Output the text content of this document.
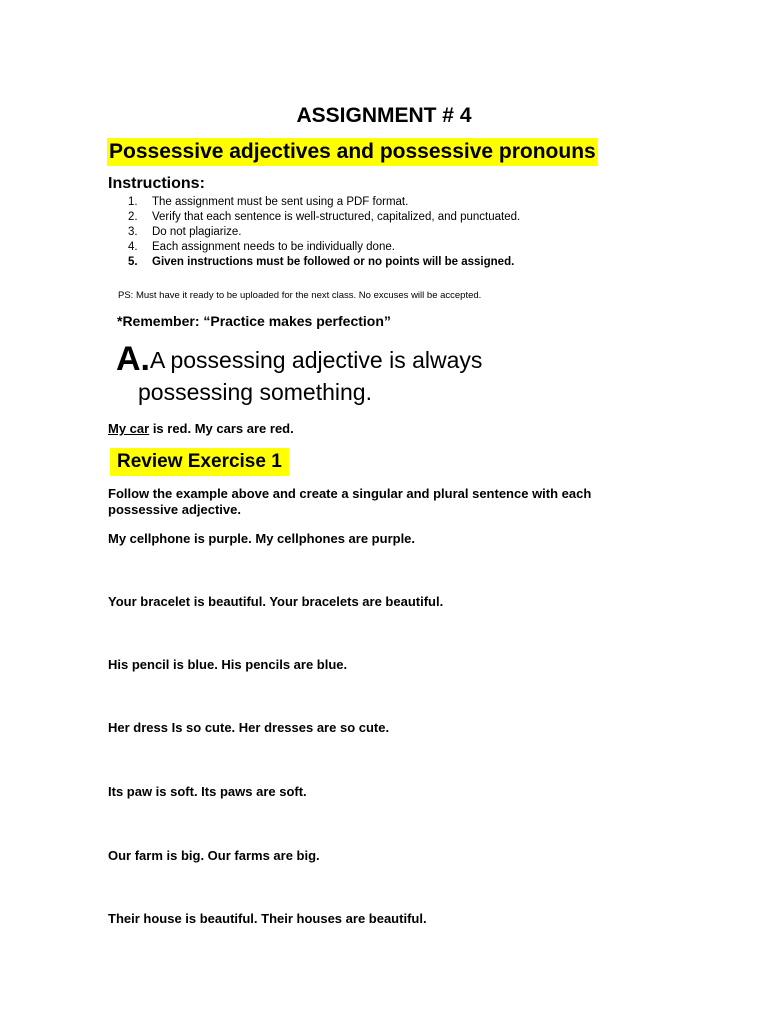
ASSIGNMENT # 4
Possessive adjectives and possessive pronouns
Instructions:
1.	The assignment must be sent using a PDF format.
2.	Verify that each sentence is well-structured, capitalized, and punctuated.
3.	Do not plagiarize.
4.	Each assignment needs to be individually done.
5.	Given instructions must be followed or no points will be assigned.
PS: Must have it ready to be uploaded for the next class. No excuses will be accepted.
*Remember: “Practice makes perfection”
A.A possessing adjective is always
possessing something.
My car is red. My cars are red.
Review Exercise 1
Follow the example above and create a singular and plural sentence with each possessive adjective.
My cellphone is purple. My cellphones are purple.
Your bracelet is beautiful. Your bracelets are beautiful.
His pencil is blue. His pencils are blue.
Her dress Is so cute. Her dresses are so cute.
Its paw is soft. Its paws are soft.
Our farm is big. Our farms are big.
Their house is beautiful. Their houses are beautiful.
